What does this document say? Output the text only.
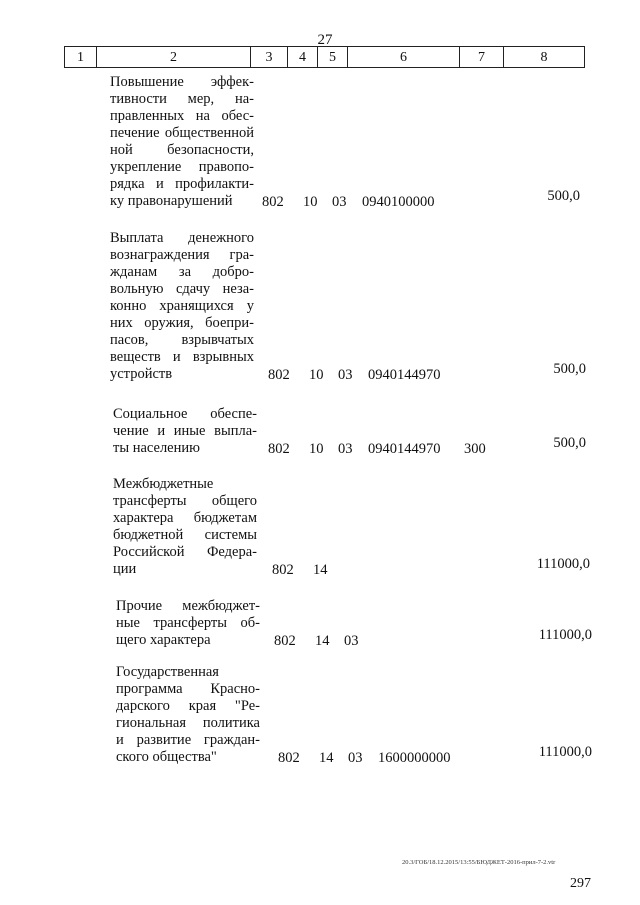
27
1	2	3	4	5	6	7	8
Повышение эффек-
тивности мер, на-
правленных на обес-
печение общественной
ной безопасности,
укрепление правопо-
рядка и профилакти-
ку правонарушений	802 10 03 0940100000	500,0
Выплата денежного
вознаграждения гра-
жданам за добро-
вольную сдачу неза-
конно хранящихся у
них оружия, боепри-
пасов, взрывчатых
веществ и взрывных
устройств	802 10 03 0940144970	500,0
Социальное обеспе-
чение и иные выпла-
ты населению	802 10 03 0940144970 300	500,0
Межбюджетные
трансферты общего
характера бюджетам
бюджетной системы
Российской Федера-
ции	802 14	111000,0
Прочие межбюджет-
ные трансферты об-
щего характера	802 14 03	111000,0
Государственная
программа Красно-
дарского края "Ре-
гиональная политика
и развитие граждан-
ского общества"	802 14 03 1600000000	111000,0
20.3/ГОБ/18.12.2015/13:55/БЮДЖЕТ-2016-прил-7-2.vtr
297
